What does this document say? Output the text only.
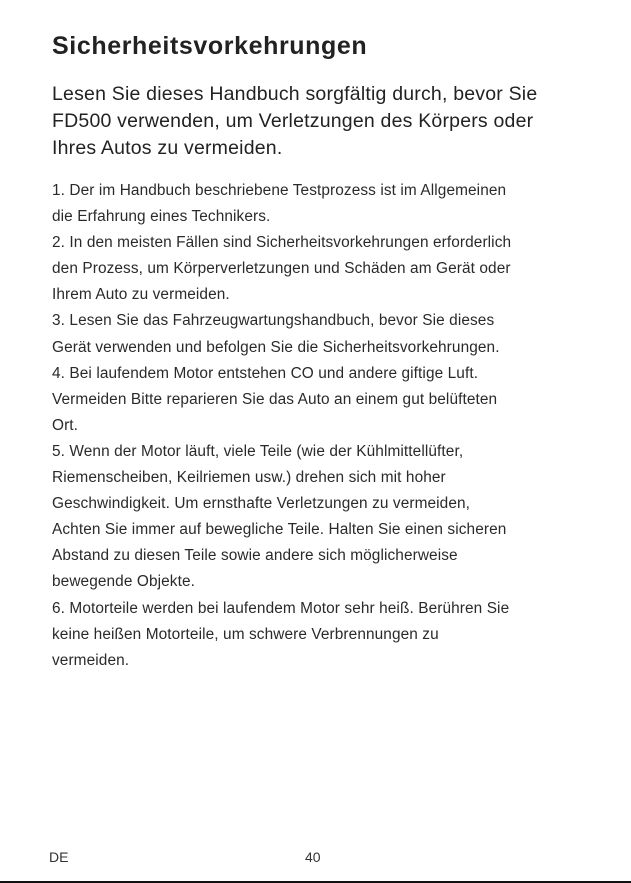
Sicherheitsvorkehrungen

Lesen Sie dieses Handbuch sorgfältig durch, bevor Sie
FD500 verwenden, um Verletzungen des Körpers oder
Ihres Autos zu vermeiden.

1. Der im Handbuch beschriebene Testprozess ist im Allgemeinen
die Erfahrung eines Technikers.
2. In den meisten Fällen sind Sicherheitsvorkehrungen erforderlich
den Prozess, um Körperverletzungen und Schäden am Gerät oder
Ihrem Auto zu vermeiden.
3. Lesen Sie das Fahrzeugwartungshandbuch, bevor Sie dieses
Gerät verwenden und befolgen Sie die Sicherheitsvorkehrungen.
4. Bei laufendem Motor entstehen CO und andere giftige Luft.
Vermeiden Bitte reparieren Sie das Auto an einem gut belüfteten
Ort.
5. Wenn der Motor läuft, viele Teile (wie der Kühlmittellüfter,
Riemenscheiben, Keilriemen usw.) drehen sich mit hoher
Geschwindigkeit. Um ernsthafte Verletzungen zu vermeiden,
Achten Sie immer auf bewegliche Teile. Halten Sie einen sicheren
Abstand zu diesen Teile sowie andere sich möglicherweise
bewegende Objekte.
6. Motorteile werden bei laufendem Motor sehr heiß. Berühren Sie
keine heißen Motorteile, um schwere Verbrennungen zu
vermeiden.
DE	40
